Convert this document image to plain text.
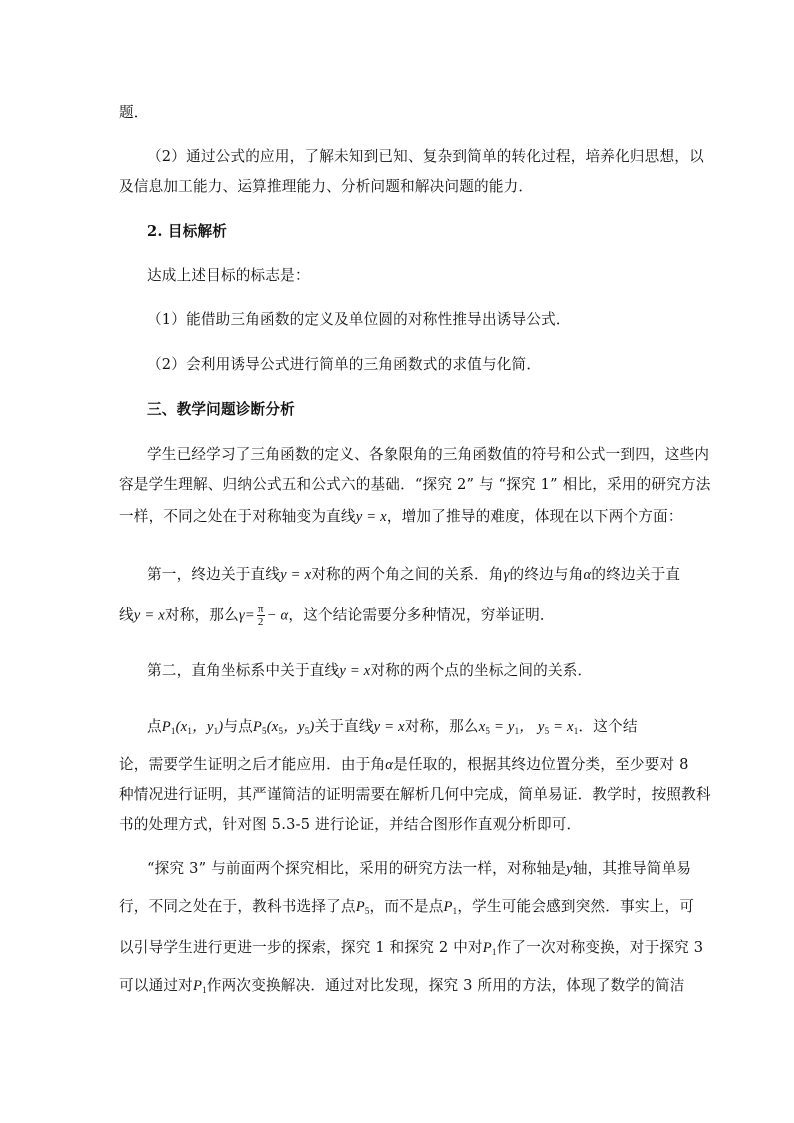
题．
（2）通过公式的应用，了解未知到已知、复杂到简单的转化过程，培养化归思想，以
及信息加工能力、运算推理能力、分析问题和解决问题的能力．
2. 目标解析
达成上述目标的标志是：
（1）能借助三角函数的定义及单位圆的对称性推导出诱导公式．
（2）会利用诱导公式进行简单的三角函数式的求值与化简．
三、教学问题诊断分析
学生已经学习了三角函数的定义、各象限角的三角函数值的符号和公式一到四，这些内
容是学生理解、归纳公式五和公式六的基础．“探究 2” 与 “探究 1” 相比，采用的研究方法
一样，不同之处在于对称轴变为直线y = x，增加了推导的难度，体现在以下两个方面：
第一，终边关于直线y = x对称的两个角之间的关系．角γ的终边与角α的终边关于直
线y = x对称，那么$\gamma= \frac{\pi}{2} - \alpha$，这个结论需要分多种情况，穷举证明．
第二，直角坐标系中关于直线y = x对称的两个点的坐标之间的关系．
点$P_1(x_1$，$y_1$)与点$P_5(x_5$，$y_5$)关于直线y = x对称，那么$x_5 = y_1$， $y_5 = x_1$．这个结
论，需要学生证明之后才能应用．由于角α是任取的，根据其终边位置分类，至少要对 8
种情况进行证明，其严谨简洁的证明需要在解析几何中完成，简单易证．教学时，按照教科
书的处理方式，针对图 5.3-5 进行论证，并结合图形作直观分析即可．
“探究 3” 与前面两个探究相比，采用的研究方法一样，对称轴是y轴，其推导简单易
行，不同之处在于，教科书选择了点$P_5$，而不是点$P_1$，学生可能会感到突然．事实上，可
以引导学生进行更进一步的探索，探究 1 和探究 2 中对$P_1$作了一次对称变换，对于探究 3
可以通过对$P_1$作两次变换解决．通过对比发现，探究 3 所用的方法，体现了数学的简洁
